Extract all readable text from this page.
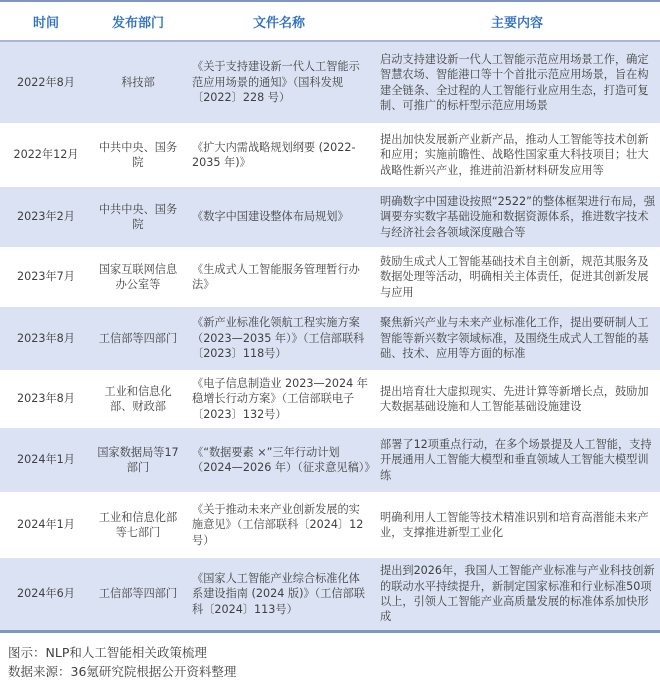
时间	发布部门	文件名称	主要内容
2022年8月	科技部	《关于支持建设新一代人工智能示范应用场景的通知》（国科发规〔2022〕228 号）	启动支持建设新一代人工智能示范应用场景工作，确定智慧农场、智能港口等十个首批示范应用场景，旨在构建全链条、全过程的人工智能行业应用生态，打造可复制、可推广的标杆型示范应用场景
2022年12月	中共中央、国务院	《扩大内需战略规划纲要 (2022-2035 年)》	提出加快发展新产业新产品，推动人工智能等技术创新和应用；实施前瞻性、战略性国家重大科技项目；壮大战略性新兴产业，推进前沿新材料研发应用等
2023年2月	中共中央、国务院	《数字中国建设整体布局规划》	明确数字中国建设按照“2522”的整体框架进行布局，强调要夯实数字基础设施和数据资源体系，推进数字技术与经济社会各领域深度融合等
2023年7月	国家互联网信息办公室等	《生成式人工智能服务管理暂行办法》	鼓励生成式人工智能基础技术自主创新，规范其服务及数据处理等活动，明确相关主体责任，促进其创新发展与应用
2023年8月	工信部等四部门	《新产业标准化领航工程实施方案（2023—2035 年）》（工信部联科〔2023〕118号）	聚焦新兴产业与未来产业标准化工作，提出要研制人工智能等新兴数字领域标准，及围绕生成式人工智能的基础、技术、应用等方面的标准
2023年8月	工业和信息化部、财政部	《电子信息制造业 2023—2024 年稳增长行动方案》（工信部联电子〔2023〕132号）	提出培育壮大虚拟现实、先进计算等新增长点，鼓励加大数据基础设施和人工智能基础设施建设
2024年1月	国家数据局等17部门	《“数据要素 ×”三年行动计划（2024—2026 年）（征求意见稿）》	部署了12项重点行动，在多个场景提及人工智能，支持开展通用人工智能大模型和垂直领域人工智能大模型训练
2024年1月	工业和信息化部等七部门	《关于推动未来产业创新发展的实施意见》（工信部联科〔2024〕12号）	明确利用人工智能等技术精准识别和培育高潜能未来产业，支撑推进新型工业化
2024年6月	工信部等四部门	《国家人工智能产业综合标准化体系建设指南 (2024 版)》（工信部联科〔2024〕113号）	提出到2026年，我国人工智能产业标准与产业科技创新的联动水平持续提升，新制定国家标准和行业标准50项以上，引领人工智能产业高质量发展的标准体系加快形成
图示：NLP和人工智能相关政策梳理
数据来源：36氪研究院根据公开资料整理
